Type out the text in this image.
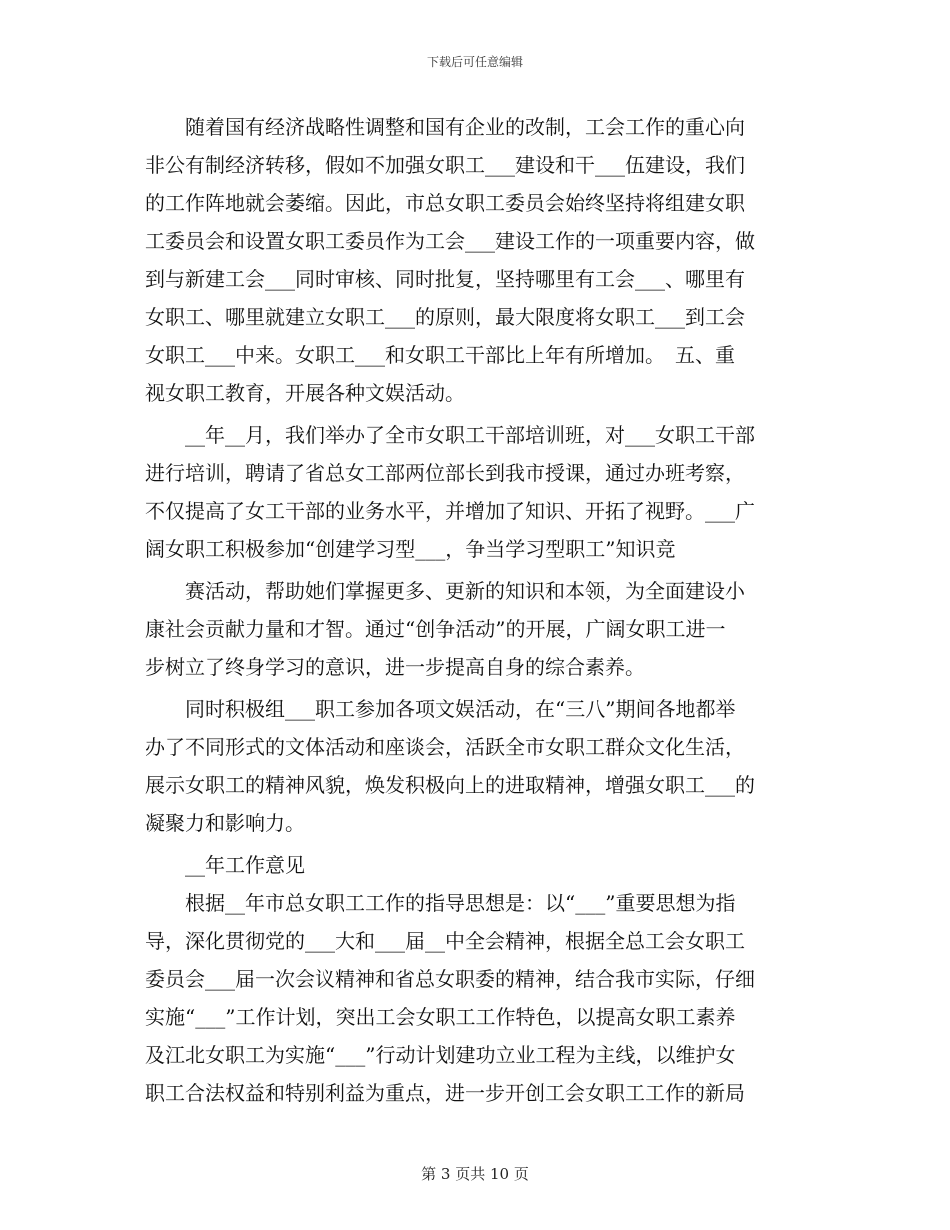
下载后可任意编辑
　　随着国有经济战略性调整和国有企业的改制，工会工作的重心向
非公有制经济转移，假如不加强女职工___建设和干___伍建设，我们
的工作阵地就会萎缩。因此，市总女职工委员会始终坚持将组建女职
工委员会和设置女职工委员作为工会___建设工作的一项重要内容，做
到与新建工会___同时审核、同时批复，坚持哪里有工会___、哪里有
女职工、哪里就建立女职工___的原则，最大限度将女职工___到工会
女职工___中来。女职工___和女职工干部比上年有所增加。　五、重
视女职工教育，开展各种文娱活动。
　　__年__月，我们举办了全市女职工干部培训班，对___女职工干部
进行培训，聘请了省总女工部两位部长到我市授课，通过办班考察，
不仅提高了女工干部的业务水平，并增加了知识、开拓了视野。___广
阔女职工积极参加“创建学习型___，争当学习型职工”知识竞
　　赛活动，帮助她们掌握更多、更新的知识和本领，为全面建设小
康社会贡献力量和才智。通过“创争活动”的开展，广阔女职工进一
步树立了终身学习的意识，进一步提高自身的综合素养。
　　同时积极组___职工参加各项文娱活动，在“三八”期间各地都举
办了不同形式的文体活动和座谈会，活跃全市女职工群众文化生活，
展示女职工的精神风貌，焕发积极向上的进取精神，增强女职工___的
凝聚力和影响力。
　　__年工作意见
　　根据__年市总女职工工作的指导思想是：以“___”重要思想为指
导，深化贯彻党的___大和___届__中全会精神，根据全总工会女职工
委员会___届一次会议精神和省总女职委的精神，结合我市实际，仔细
实施“___”工作计划，突出工会女职工工作特色，以提高女职工素养
及江北女职工为实施“___”行动计划建功立业工程为主线，以维护女
职工合法权益和特别利益为重点，进一步开创工会女职工工作的新局
第 3 页共 10 页
